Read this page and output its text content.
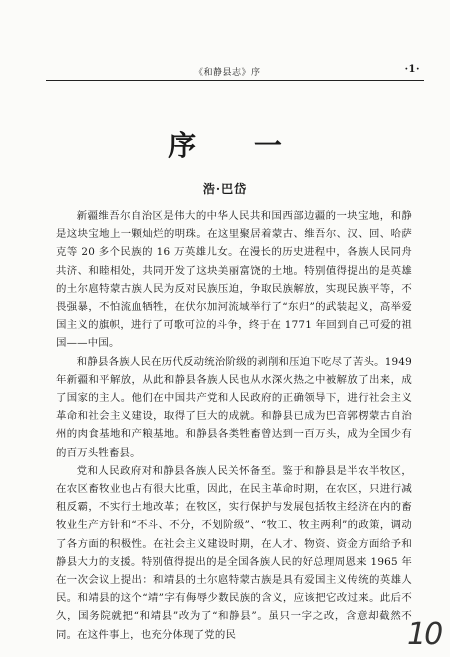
《和静县志》序	·1·
序 一
浩·巴岱

新疆维吾尔自治区是伟大的中华人民共和国西部边疆的一块宝地，和静是这块宝地上一颗灿烂的明珠。在这里聚居着蒙古、维吾尔、汉、回、哈萨克等 20 多个民族的 16 万英雄儿女。在漫长的历史进程中，各族人民同舟共济、和睦相处，共同开发了这块美丽富饶的土地。特别值得提出的是英雄的土尔扈特蒙古族人民为反对民族压迫，争取民族解放，实现民族平等，不畏强暴，不怕流血牺牲，在伏尔加河流域举行了“东归”的武装起义，高举爱国主义的旗帜，进行了可歌可泣的斗争，终于在 1771 年回到自己可爱的祖国——中国。

和静县各族人民在历代反动统治阶级的剥削和压迫下吃尽了苦头。1949 年新疆和平解放，从此和静县各族人民也从水深火热之中被解放了出来，成了国家的主人。他们在中国共产党和人民政府的正确领导下，进行社会主义革命和社会主义建设，取得了巨大的成就。和静县已成为巴音郭楞蒙古自治州的肉食基地和产粮基地。和静县各类牲畜曾达到一百万头，成为全国少有的百万头牲畜县。

党和人民政府对和静县各族人民关怀备至。鉴于和静县是半农半牧区，在农区畜牧业也占有很大比重，因此，在民主革命时期，在农区，只进行减租反霸，不实行土地改革；在牧区，实行保护与发展包括牧主经济在内的畜牧业生产方针和“不斗、不分，不划阶级”、“牧工、牧主两利”的政策，调动了各方面的积极性。在社会主义建设时期，在人才、物资、资金方面给予和静县大力的支援。特别值得提出的是全国各族人民的好总理周恩来 1965 年在一次会议上提出：和靖县的土尔扈特蒙古族是具有爱国主义传统的英雄人民。和靖县的这个“靖”字有侮辱少数民族的含义，应该把它改过来。此后不久，国务院就把“和靖县”改为了“和静县”。虽只一字之改，含意却截然不同。在这件事上，也充分体现了党的民	10
